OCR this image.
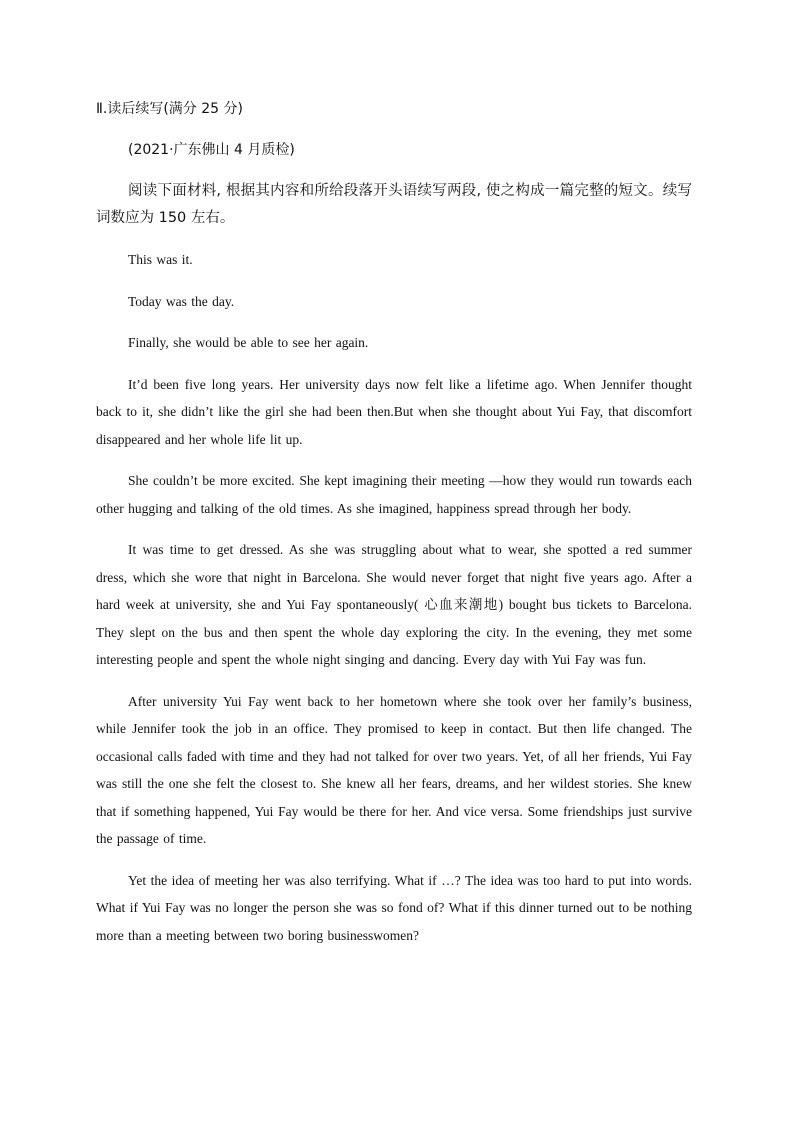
Ⅱ.读后续写(满分 25 分)

(2021·广东佛山 4 月质检)

阅读下面材料, 根据其内容和所给段落开头语续写两段, 使之构成一篇完整的短文。续写词数应为 150 左右。

This was it.

Today was the day.

Finally, she would be able to see her again.

It’d been five long years. Her university days now felt like a lifetime ago. When Jennifer thought back to it, she didn’t like the girl she had been then.But when she thought about Yui Fay, that discomfort disappeared and her whole life lit up.

She couldn’t be more excited. She kept imagining their meeting —how they would run towards each other hugging and talking of the old times. As she imagined, happiness spread through her body.

It was time to get dressed. As she was struggling about what to wear, she spotted a red summer dress, which she wore that night in Barcelona. She would never forget that night five years ago. After a hard week at university, she and Yui Fay spontaneously( 心血来潮地) bought bus tickets to Barcelona. They slept on the bus and then spent the whole day exploring the city. In the evening, they met some interesting people and spent the whole night singing and dancing. Every day with Yui Fay was fun.

After university Yui Fay went back to her hometown where she took over her family’s business, while Jennifer took the job in an office. They promised to keep in contact. But then life changed. The occasional calls faded with time and they had not talked for over two years. Yet, of all her friends, Yui Fay was still the one she felt the closest to. She knew all her fears, dreams, and her wildest stories. She knew that if something happened, Yui Fay would be there for her. And vice versa. Some friendships just survive the passage of time.

Yet the idea of meeting her was also terrifying. What if …? The idea was too hard to put into words. What if Yui Fay was no longer the person she was so fond of? What if this dinner turned out to be nothing more than a meeting between two boring businesswomen?
